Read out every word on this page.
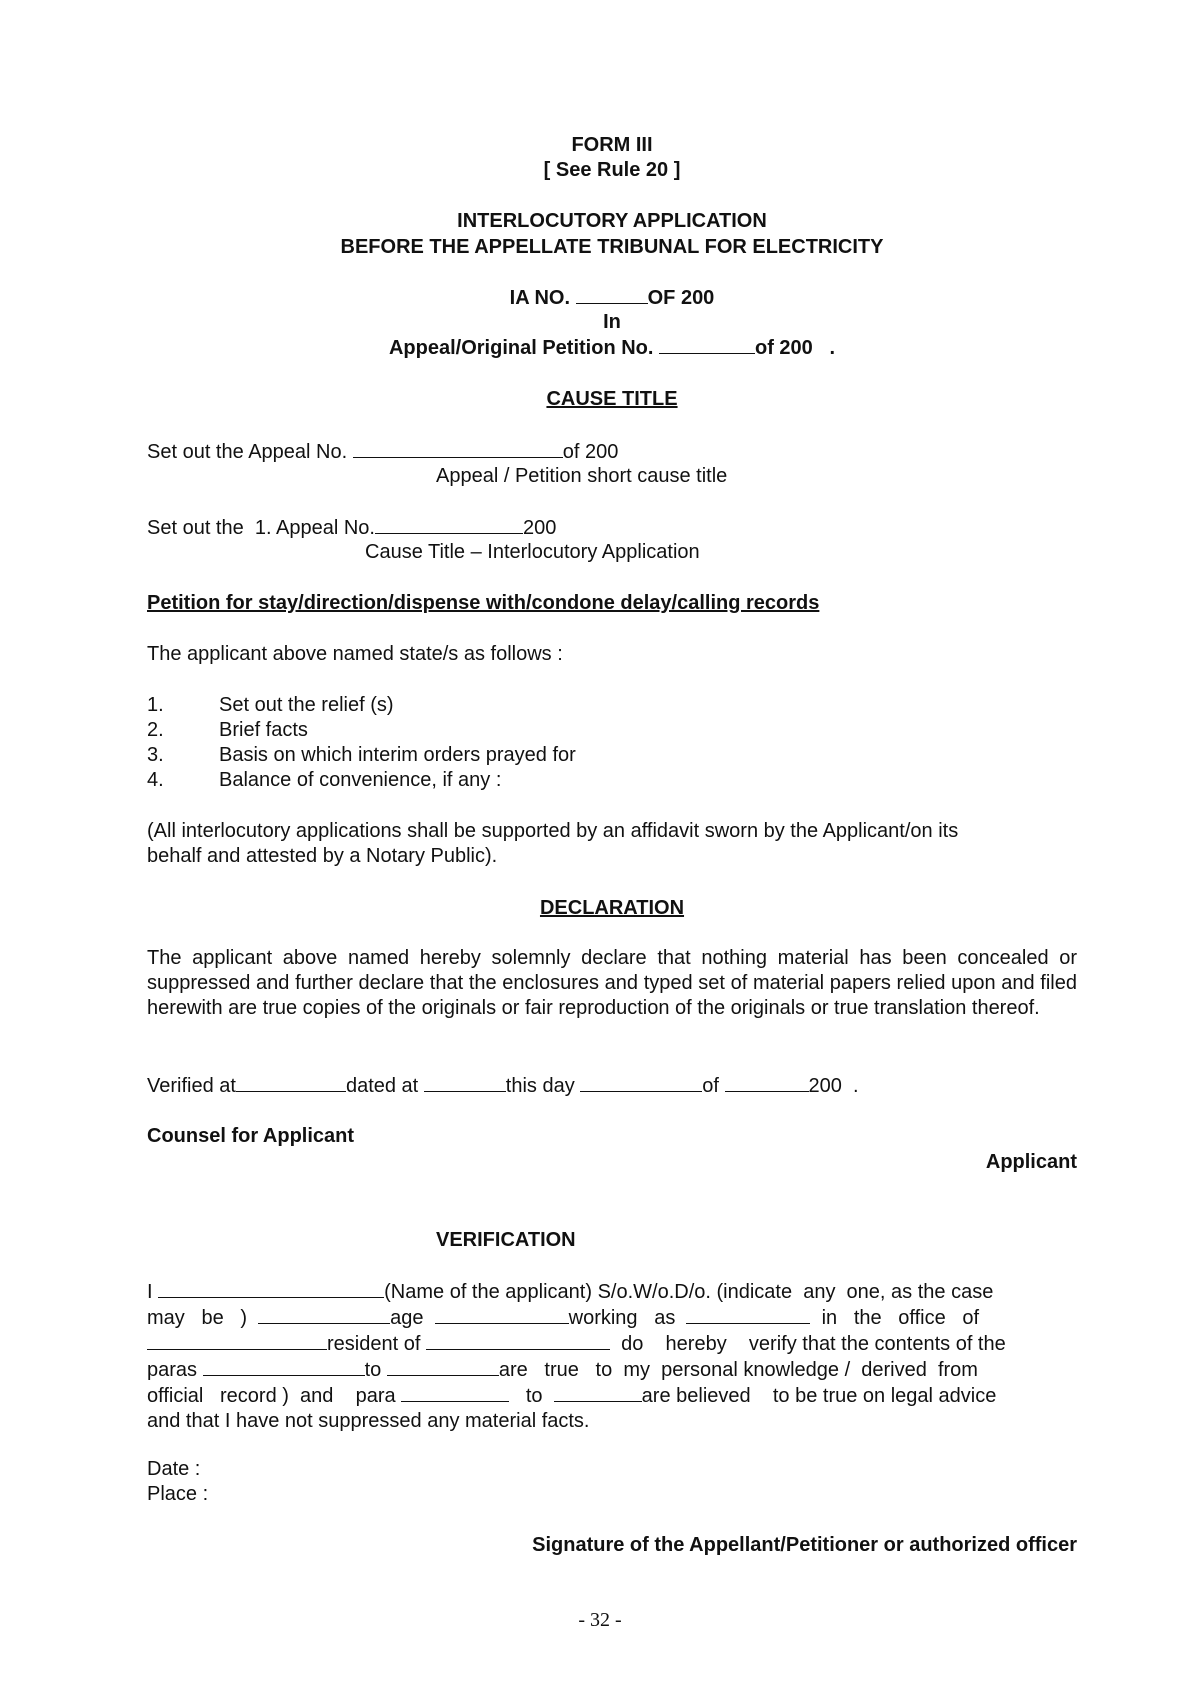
FORM III
[ See Rule 20 ]
INTERLOCUTORY APPLICATION
BEFORE THE APPELLATE TRIBUNAL FOR ELECTRICITY
IA NO.	OF 200
In
Appeal/Original Petition No.	of 200   .
CAUSE TITLE
Set out the Appeal No.	of 200
Appeal / Petition short cause title
Set out the  1. Appeal No.	200
Cause Title – Interlocutory Application
Petition for stay/direction/dispense with/condone delay/calling records
The applicant above named state/s as follows :
1.	Set out the relief (s)
2.	Brief facts
3.	Basis on which interim orders prayed for
4.	Balance of convenience, if any :
(All interlocutory applications shall be supported by an affidavit sworn by the Applicant/on its
behalf and attested by a Notary Public).
DECLARATION
The applicant above named hereby solemnly declare that nothing material has been concealed or suppressed and further declare that the enclosures and typed set of material papers relied upon and filed herewith are true copies of the originals or fair reproduction of the originals or true translation thereof.
Verified at	dated at	this day	of	200  .
Counsel for Applicant
Applicant
VERIFICATION
I	(Name of the applicant) S/o.W/o.D/o. (indicate  any  one, as the case
may   be   )	age	working   as	in   the   office   of
resident of	do    hereby    verify that the contents of the
paras	to	are   true   to  my  personal knowledge /  derived  from
official   record )  and    para	to	are believed    to be true on legal advice
and that I have not suppressed any material facts.
Date :
Place :
Signature of the Appellant/Petitioner or authorized officer
- 32 -
